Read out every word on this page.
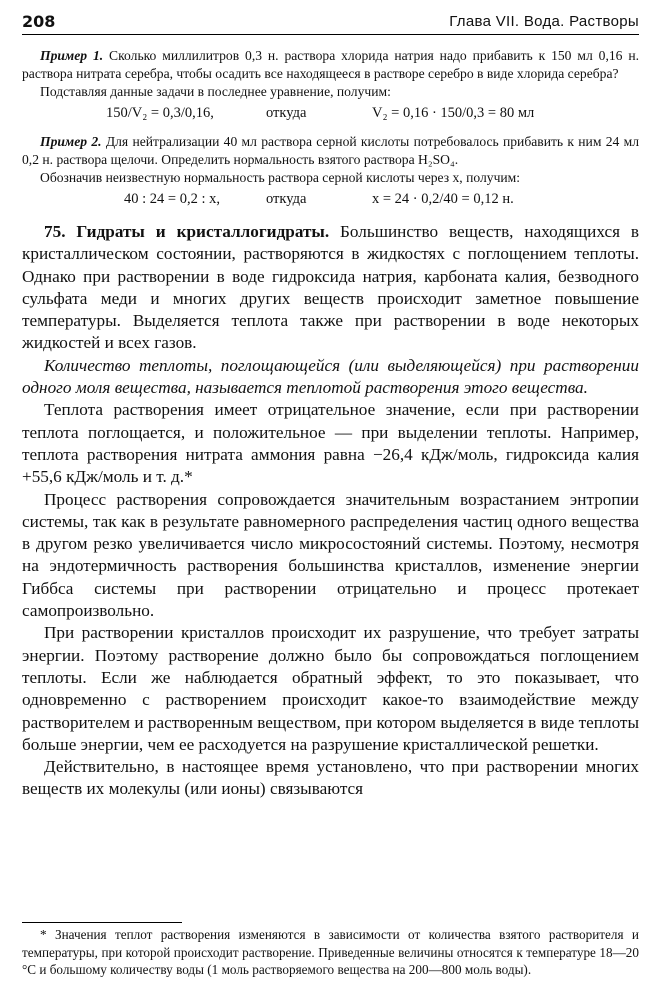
208	Глава VII. Вода. Растворы

Пример 1. Сколько миллилитров 0,3 н. раствора хлорида натрия надо прибавить к 150 мл 0,16 н. раствора нитрата серебра, чтобы осадить все находящееся в растворе серебро в виде хлорида серебра?

Подставляя данные задачи в последнее уравнение, получим:

150/V₂ = 0,3/0,16,	откуда	V₂ = 0,16 · 150/0,3 = 80 мл

Пример 2. Для нейтрализации 40 мл раствора серной кислоты потребовалось прибавить к ним 24 мл 0,2 н. раствора щелочи. Определить нормальность взятого раствора H₂SO₄.

Обозначив неизвестную нормальность раствора серной кислоты через x, получим:

40 : 24 = 0,2 : x,	откуда	x = 24 · 0,2/40 = 0,12 н.

75. Гидраты и кристаллогидраты. Большинство веществ, находящихся в кристаллическом состоянии, растворяются в жидкостях с поглощением теплоты. Однако при растворении в воде гидроксида натрия, карбоната калия, безводного сульфата меди и многих других веществ происходит заметное повышение температуры. Выделяется теплота также при растворении в воде некоторых жидкостей и всех газов.

Количество теплоты, поглощающейся (или выделяющейся) при растворении одного моля вещества, называется теплотой растворения этого вещества.

Теплота растворения имеет отрицательное значение, если при растворении теплота поглощается, и положительное — при выделении теплоты. Например, теплота растворения нитрата аммония равна −26,4 кДж/моль, гидроксида калия +55,6 кДж/моль и т. д.*

Процесс растворения сопровождается значительным возрастанием энтропии системы, так как в результате равномерного распределения частиц одного вещества в другом резко увеличивается число микросостояний системы. Поэтому, несмотря на эндотермичность растворения большинства кристаллов, изменение энергии Гиббса системы при растворении отрицательно и процесс протекает самопроизвольно.

При растворении кристаллов происходит их разрушение, что требует затраты энергии. Поэтому растворение должно было бы сопровождаться поглощением теплоты. Если же наблюдается обратный эффект, то это показывает, что одновременно с растворением происходит какое-то взаимодействие между растворителем и растворенным веществом, при котором выделяется в виде теплоты больше энергии, чем ее расходуется на разрушение кристаллической решетки.

Действительно, в настоящее время установлено, что при растворении многих веществ их молекулы (или ионы) связываются

* Значения теплот растворения изменяются в зависимости от количества взятого растворителя и температуры, при которой происходит растворение. Приведенные величины относятся к температуре 18—20 °С и большому количеству воды (1 моль растворяемого вещества на 200—800 моль воды).
